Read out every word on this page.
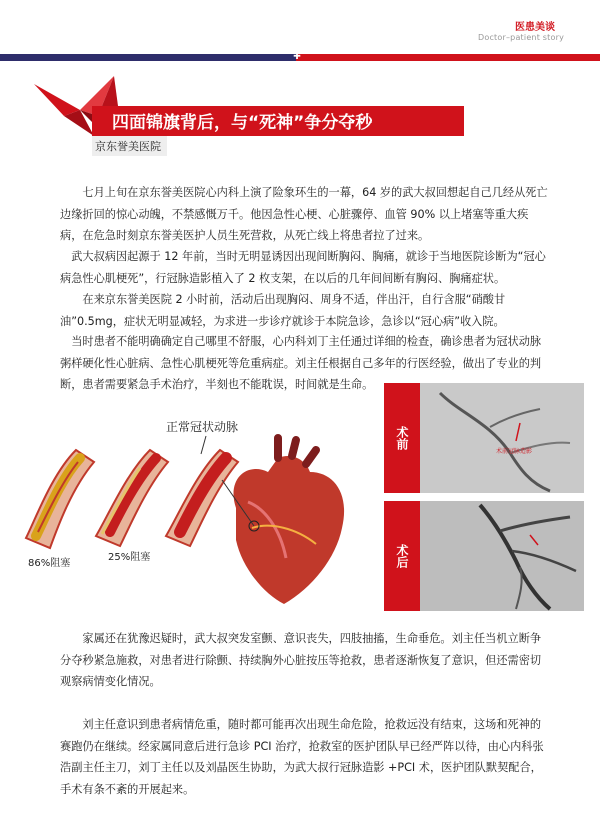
医患美谈
Doctor–patient story
✚
四面锦旗背后，与“死神”争分夺秒
京东誉美医院

七月上旬在京东誉美医院心内科上演了险象环生的一幕，64 岁的武大叔回想起自己几经从死亡边缘折回的惊心动魄，不禁感慨万千。他因急性心梗、心脏骤停、血管 90% 以上堵塞等重大疾病，在危急时刻京东誉美医护人员生死营救，从死亡线上将患者拉了过来。

武大叔病因起源于 12 年前，当时无明显诱因出现间断胸闷、胸痛，就诊于当地医院诊断为“冠心病急性心肌梗死”，行冠脉造影植入了 2 枚支架，在以后的几年间间断有胸闷、胸痛症状。

在来京东誉美医院 2 小时前，活动后出现胸闷、周身不适，伴出汗，自行含服“硝酸甘油”0.5mg，症状无明显减轻，为求进一步诊疗就诊于本院急诊，急诊以“冠心病”收入院。

当时患者不能明确确定自己哪里不舒服，心内科刘丁主任通过详细的检查，确诊患者为冠状动脉粥样硬化性心脏病、急性心肌梗死等危重病症。刘主任根据自己多年的行医经验，做出了专业的判断，患者需要紧急手术治疗，半刻也不能耽误，时间就是生命。

正常冠状动脉
86%阻塞
25%阻塞
术前
术前冠脉造影
术后

家属还在犹豫迟疑时，武大叔突发室颤、意识丧失，四肢抽搐，生命垂危。刘主任当机立断争分夺秒紧急施救，对患者进行除颤、持续胸外心脏按压等抢救，患者逐渐恢复了意识，但还需密切观察病情变化情况。

刘主任意识到患者病情危重，随时都可能再次出现生命危险，抢救远没有结束，这场和死神的赛跑仍在继续。经家属同意后进行急诊 PCI 治疗，抢救室的医护团队早已经严阵以待，由心内科张浩副主任主刀，刘丁主任以及刘晶医生协助，为武大叔行冠脉造影 +PCI 术，医护团队默契配合，手术有条不紊的开展起来。
